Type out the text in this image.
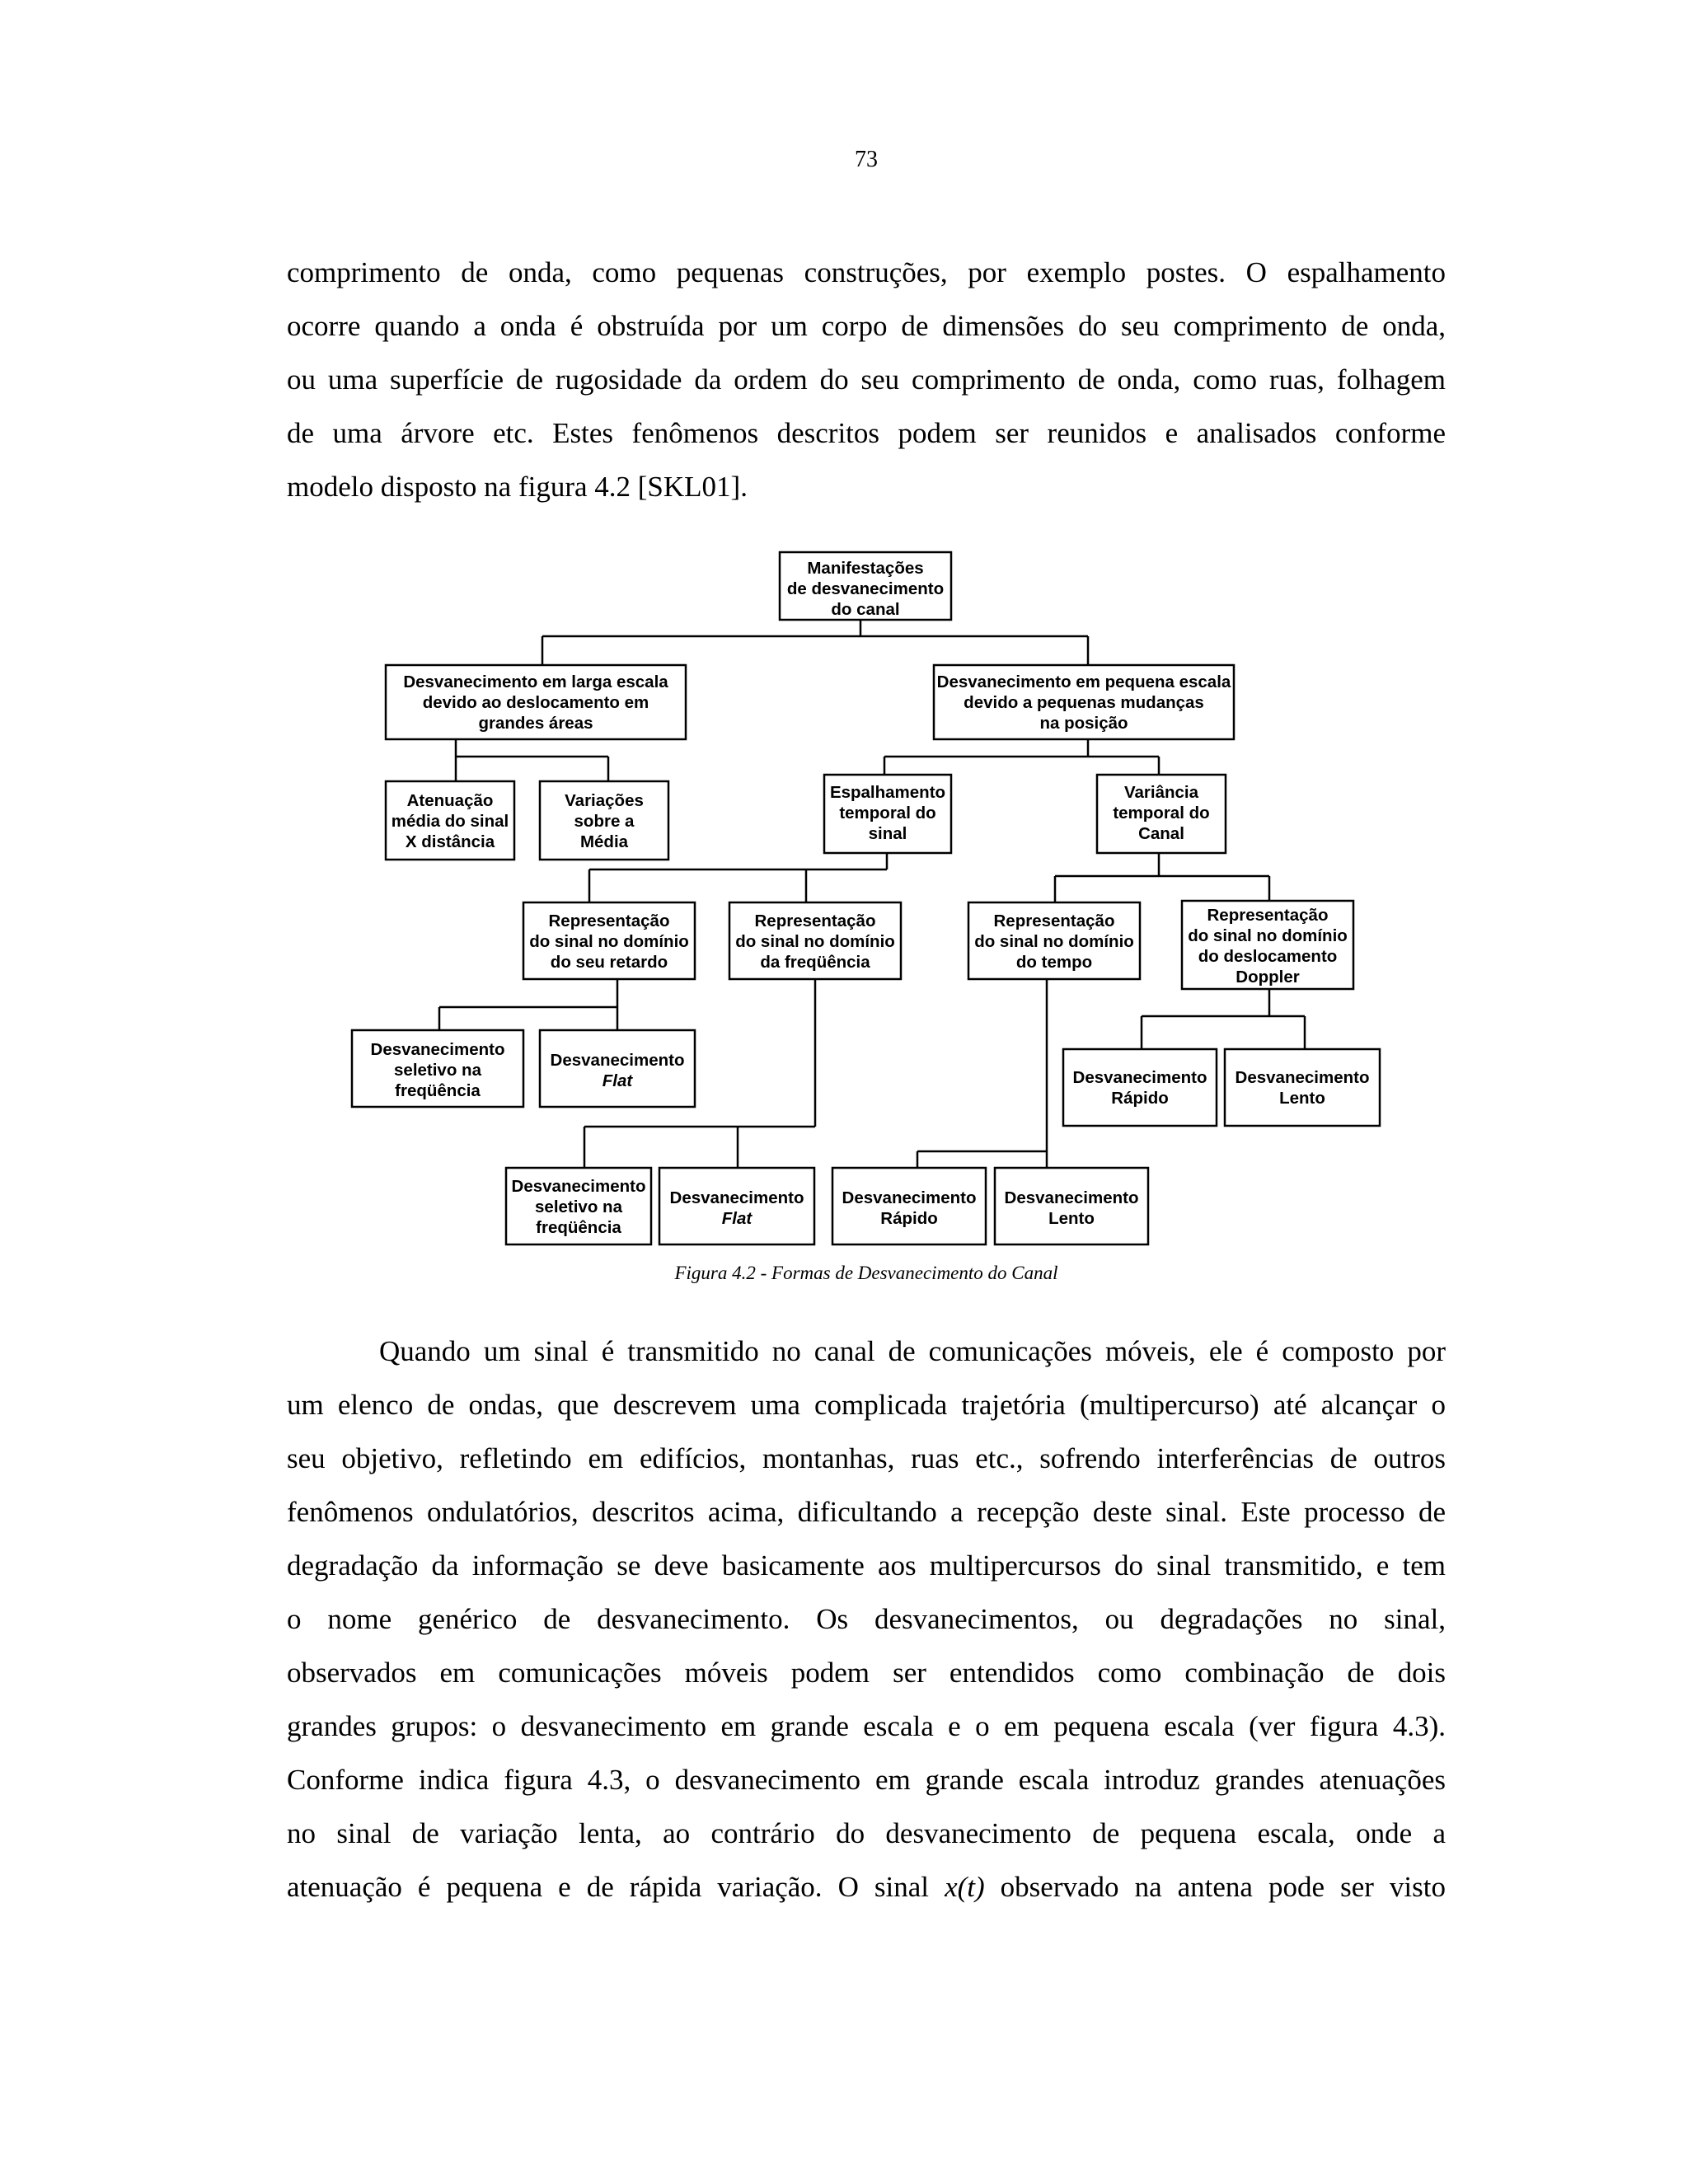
73
comprimento de onda, como pequenas construções, por exemplo postes. O espalhamento
ocorre quando a onda é obstruída por um corpo de dimensões do seu comprimento de onda,
ou uma superfície de rugosidade da ordem do seu comprimento de onda, como ruas, folhagem
de uma árvore etc. Estes fenômenos descritos podem ser reunidos e analisados conforme
modelo disposto na figura 4.2 [SKL01].
Manifestações
de desvanecimento
do canal
Desvanecimento em larga escala
devido ao deslocamento em
grandes áreas
Desvanecimento em pequena escala
devido a pequenas mudanças
na posição
Atenuação
média do sinal
X distância
Variações
sobre a
Média
Espalhamento
temporal do
sinal
Variância
temporal do
Canal
Representação
do sinal no domínio
do seu retardo
Representação
do sinal no domínio
da freqüência
Representação
do sinal no domínio
do tempo
Representação
do sinal no domínio
do deslocamento
Doppler
Desvanecimento
seletivo na
freqüência
Desvanecimento
Flat	Desvanecimento
Rápido
Desvanecimento
Lento
Desvanecimento
seletivo na
freqüência
Desvanecimento
Flat
Desvanecimento
Rápido
Desvanecimento
Lento
Figura 4.2 - Formas de Desvanecimento do Canal
Quando um sinal é transmitido no canal de comunicações móveis, ele é composto por
um elenco de ondas, que descrevem uma complicada trajetória (multipercurso) até alcançar o
seu objetivo, refletindo em edifícios, montanhas, ruas etc., sofrendo interferências de outros
fenômenos ondulatórios, descritos acima, dificultando a recepção deste sinal. Este processo de
degradação da informação se deve basicamente aos multipercursos do sinal transmitido, e tem
o nome genérico de desvanecimento. Os desvanecimentos, ou degradações no sinal,
observados em comunicações móveis podem ser entendidos como combinação de dois
grandes grupos: o desvanecimento em grande escala e o em pequena escala (ver figura 4.3).
Conforme indica figura 4.3, o desvanecimento em grande escala introduz grandes atenuações
no sinal de variação lenta, ao contrário do desvanecimento de pequena escala, onde a
atenuação é pequena e de rápida variação. O sinal x(t) observado na antena pode ser visto
